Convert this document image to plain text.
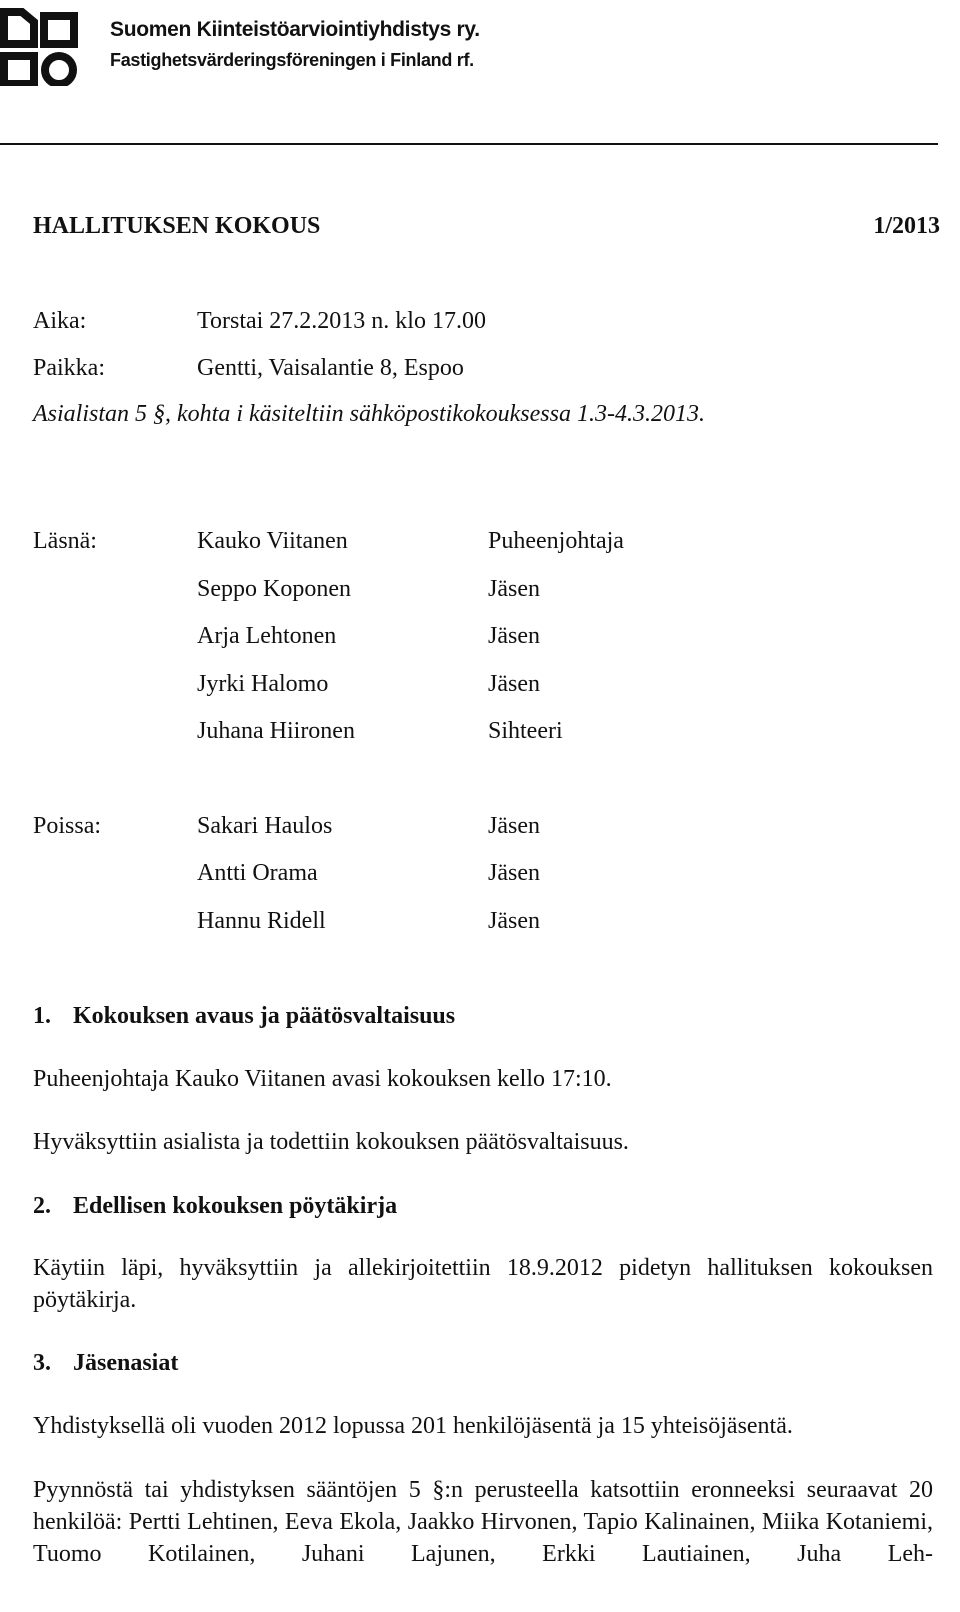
Suomen Kiinteistöarviointiyhdistys ry.
Fastighetsvärderingsföreningen i Finland rf.
HALLITUKSEN KOKOUS	1/2013
Aika:	Torstai 27.2.2013 n. klo 17.00
Paikka:	Gentti, Vaisalantie 8, Espoo
Asialistan 5 §, kohta i käsiteltiin sähköpostikokouksessa 1.3-4.3.2013.
Läsnä:	Kauko Viitanen	Puheenjohtaja
Seppo Koponen	Jäsen
Arja Lehtonen	Jäsen
Jyrki Halomo	Jäsen
Juhana Hiironen	Sihteeri
Poissa:	Sakari Haulos	Jäsen
Antti Orama	Jäsen
Hannu Ridell	Jäsen
1. Kokouksen avaus ja päätösvaltaisuus
Puheenjohtaja Kauko Viitanen avasi kokouksen kello 17:10.
Hyväksyttiin asialista ja todettiin kokouksen päätösvaltaisuus.
2. Edellisen kokouksen pöytäkirja
Käytiin läpi, hyväksyttiin ja allekirjoitettiin 18.9.2012 pidetyn hallituksen kokouksen pöytäkirja.
3. Jäsenasiat
Yhdistyksellä oli vuoden 2012 lopussa 201 henkilöjäsentä ja 15 yhteisöjäsentä.
Pyynnöstä tai yhdistyksen sääntöjen 5 §:n perusteella katsottiin eronneeksi seuraavat 20 henkilöä: Pertti Lehtinen, Eeva Ekola, Jaakko Hirvonen, Tapio Kalinainen, Miika Kotaniemi, Tuomo Kotilainen, Juhani Lajunen, Erkki Lautiainen, Juha Leh-
